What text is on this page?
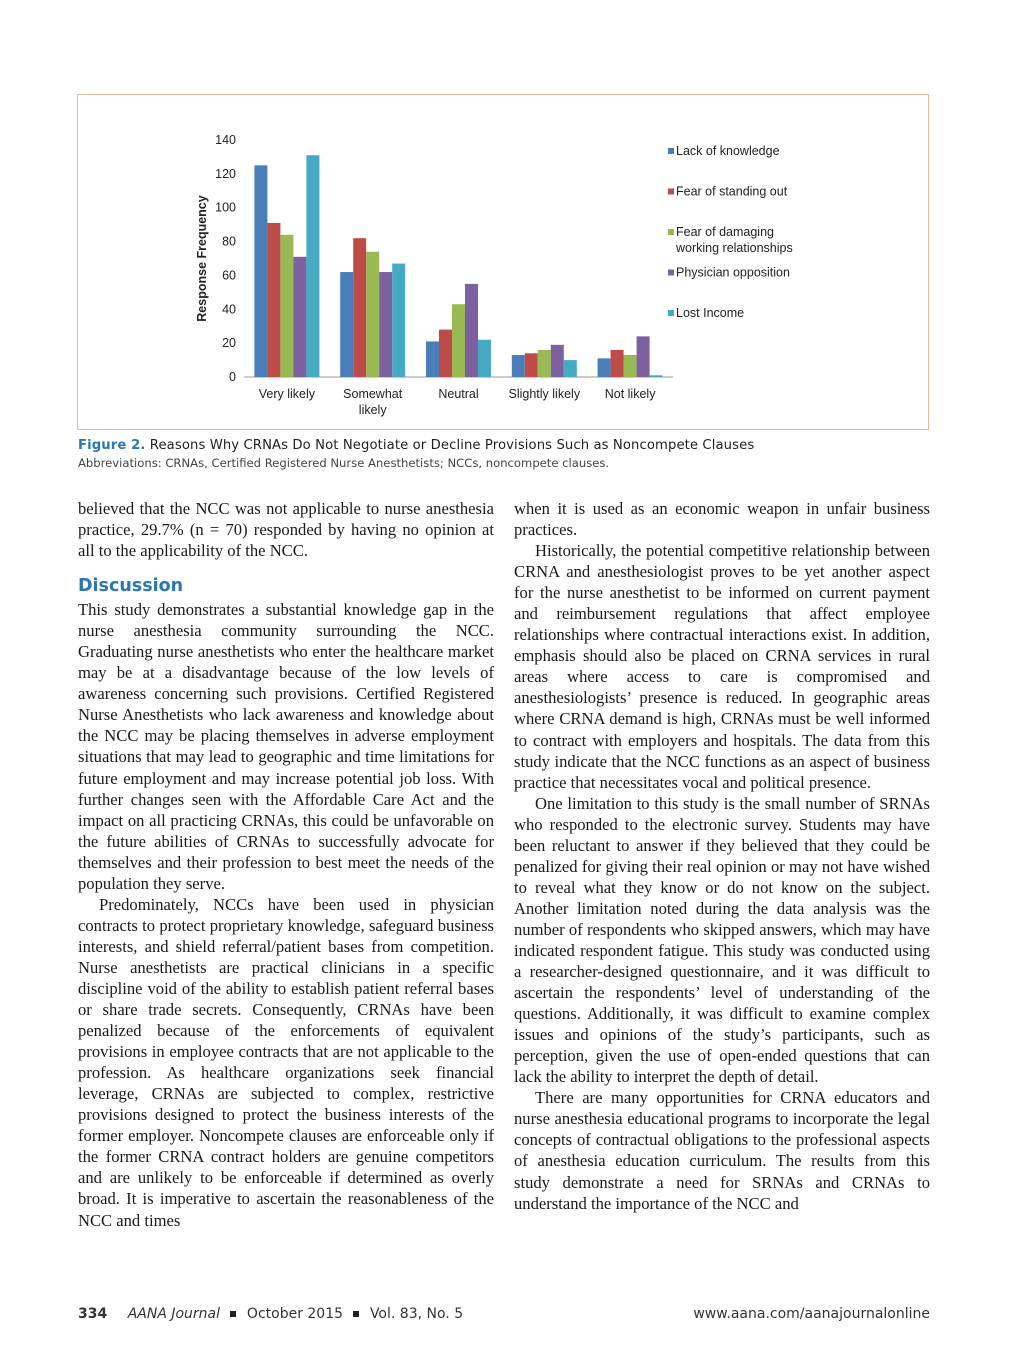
0
20
40
60
80
100
120
140
Response Frequency
Very likely Somewhat
likely
Neutral Slightly likely Not likely
Lack of knowledge
Fear of standing out
Fear of damaging
working relationships
Physician opposition
Lost Income
Figure 2. Reasons Why CRNAs Do Not Negotiate or Decline Provisions Such as Noncompete Clauses
Abbreviations: CRNAs, Certified Registered Nurse Anesthetists; NCCs, noncompete clauses.

believed that the NCC was not applicable to nurse anesthesia practice, 29.7% (n = 70) responded by having no opinion at all to the applicability of the NCC.

Discussion

This study demonstrates a substantial knowledge gap in the nurse anesthesia community surrounding the NCC. Graduating nurse anesthetists who enter the healthcare market may be at a disadvantage because of the low levels of awareness concerning such provisions. Certified Registered Nurse Anesthetists who lack awareness and knowledge about the NCC may be placing themselves in adverse employment situations that may lead to geographic and time limitations for future employment and may increase potential job loss. With further changes seen with the Affordable Care Act and the impact on all practicing CRNAs, this could be unfavorable on the future abilities of CRNAs to successfully advocate for themselves and their profession to best meet the needs of the population they serve.

Predominately, NCCs have been used in physician contracts to protect proprietary knowledge, safeguard business interests, and shield referral/patient bases from competition. Nurse anesthetists are practical clinicians in a specific discipline void of the ability to establish patient referral bases or share trade secrets. Consequently, CRNAs have been penalized because of the enforcements of equivalent provisions in employee contracts that are not applicable to the profession. As healthcare organizations seek financial leverage, CRNAs are subjected to complex, restrictive provisions designed to protect the business interests of the former employer. Noncompete clauses are enforceable only if the former CRNA contract holders are genuine competitors and are unlikely to be enforceable if determined as overly broad. It is imperative to ascertain the reasonableness of the NCC and times

when it is used as an economic weapon in unfair business practices.

Historically, the potential competitive relationship between CRNA and anesthesiologist proves to be yet another aspect for the nurse anesthetist to be informed on current payment and reimbursement regulations that affect employee relationships where contractual interactions exist. In addition, emphasis should also be placed on CRNA services in rural areas where access to care is compromised and anesthesiologists’ presence is reduced. In geographic areas where CRNA demand is high, CRNAs must be well informed to contract with employers and hospitals. The data from this study indicate that the NCC functions as an aspect of business practice that necessitates vocal and political presence.

One limitation to this study is the small number of SRNAs who responded to the electronic survey. Students may have been reluctant to answer if they believed that they could be penalized for giving their real opinion or may not have wished to reveal what they know or do not know on the subject. Another limitation noted during the data analysis was the number of respondents who skipped answers, which may have indicated respondent fatigue. This study was conducted using a researcher-designed questionnaire, and it was difficult to ascertain the respondents’ level of understanding of the questions. Additionally, it was difficult to examine complex issues and opinions of the study’s participants, such as perception, given the use of open-ended questions that can lack the ability to interpret the depth of detail.

There are many opportunities for CRNA educators and nurse anesthesia educational programs to incorporate the legal concepts of contractual obligations to the professional aspects of anesthesia education curriculum. The results from this study demonstrate a need for SRNAs and CRNAs to understand the importance of the NCC and

334 AANA Journal October 2015 Vol. 83, No. 5	www.aana.com/aanajournalonline
